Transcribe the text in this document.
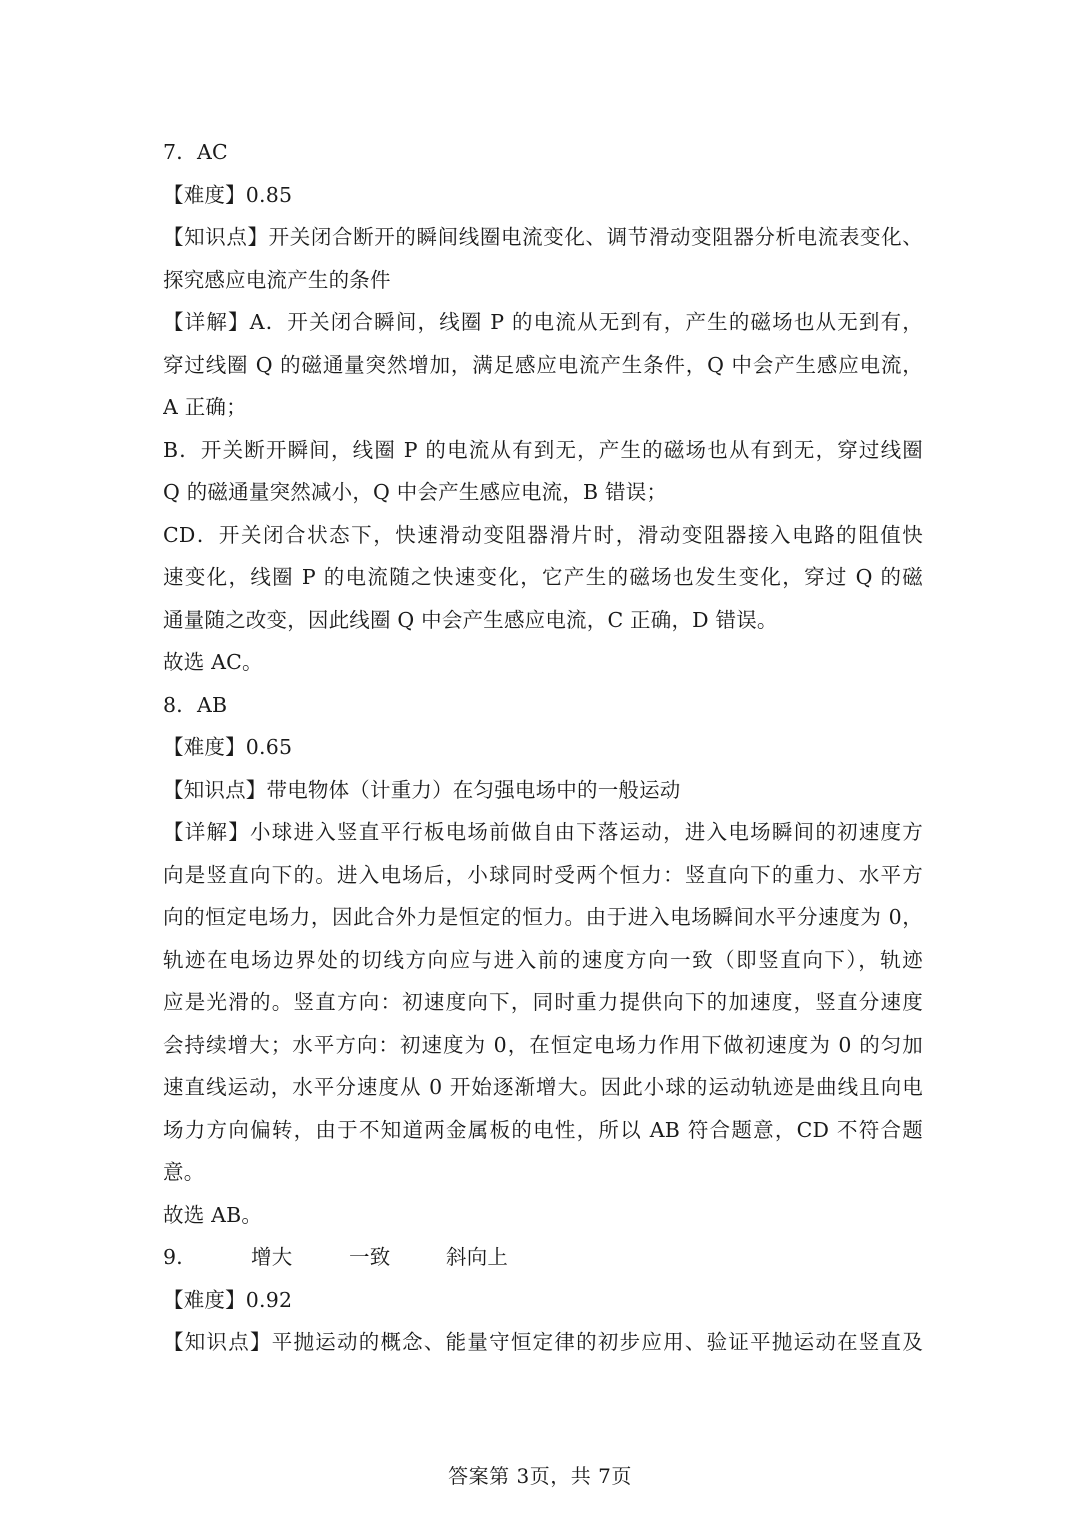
7．AC
【难度】0.85
【知识点】开关闭合断开的瞬间线圈电流变化、调节滑动变阻器分析电流表变化、
探究感应电流产生的条件
【详解】A．开关闭合瞬间，线圈 P 的电流从无到有，产生的磁场也从无到有，
穿过线圈 Q 的磁通量突然增加，满足感应电流产生条件，Q 中会产生感应电流，
A 正确；
B．开关断开瞬间，线圈 P 的电流从有到无，产生的磁场也从有到无，穿过线圈
Q 的磁通量突然减小，Q 中会产生感应电流，B 错误；
CD．开关闭合状态下，快速滑动变阻器滑片时，滑动变阻器接入电路的阻值快
速变化，线圈 P 的电流随之快速变化，它产生的磁场也发生变化，穿过 Q 的磁
通量随之改变，因此线圈 Q 中会产生感应电流，C 正确，D 错误。
故选 AC。
8．AB
【难度】0.65
【知识点】带电物体（计重力）在匀强电场中的一般运动
【详解】小球进入竖直平行板电场前做自由下落运动，进入电场瞬间的初速度方
向是竖直向下的。进入电场后，小球同时受两个恒力：竖直向下的重力、水平方
向的恒定电场力，因此合外力是恒定的恒力。由于进入电场瞬间水平分速度为 0，
轨迹在电场边界处的切线方向应与进入前的速度方向一致（即竖直向下），轨迹
应是光滑的。竖直方向：初速度向下，同时重力提供向下的加速度，竖直分速度
会持续增大；水平方向：初速度为 0，在恒定电场力作用下做初速度为 0 的匀加
速直线运动，水平分速度从 0 开始逐渐增大。因此小球的运动轨迹是曲线且向电
场力方向偏转，由于不知道两金属板的电性，所以 AB 符合题意，CD 不符合题
意。
故选 AB。
9．	增大	一致	斜向上
【难度】0.92
【知识点】平抛运动的概念、能量守恒定律的初步应用、验证平抛运动在竖直及
答案第 3页，共 7页
